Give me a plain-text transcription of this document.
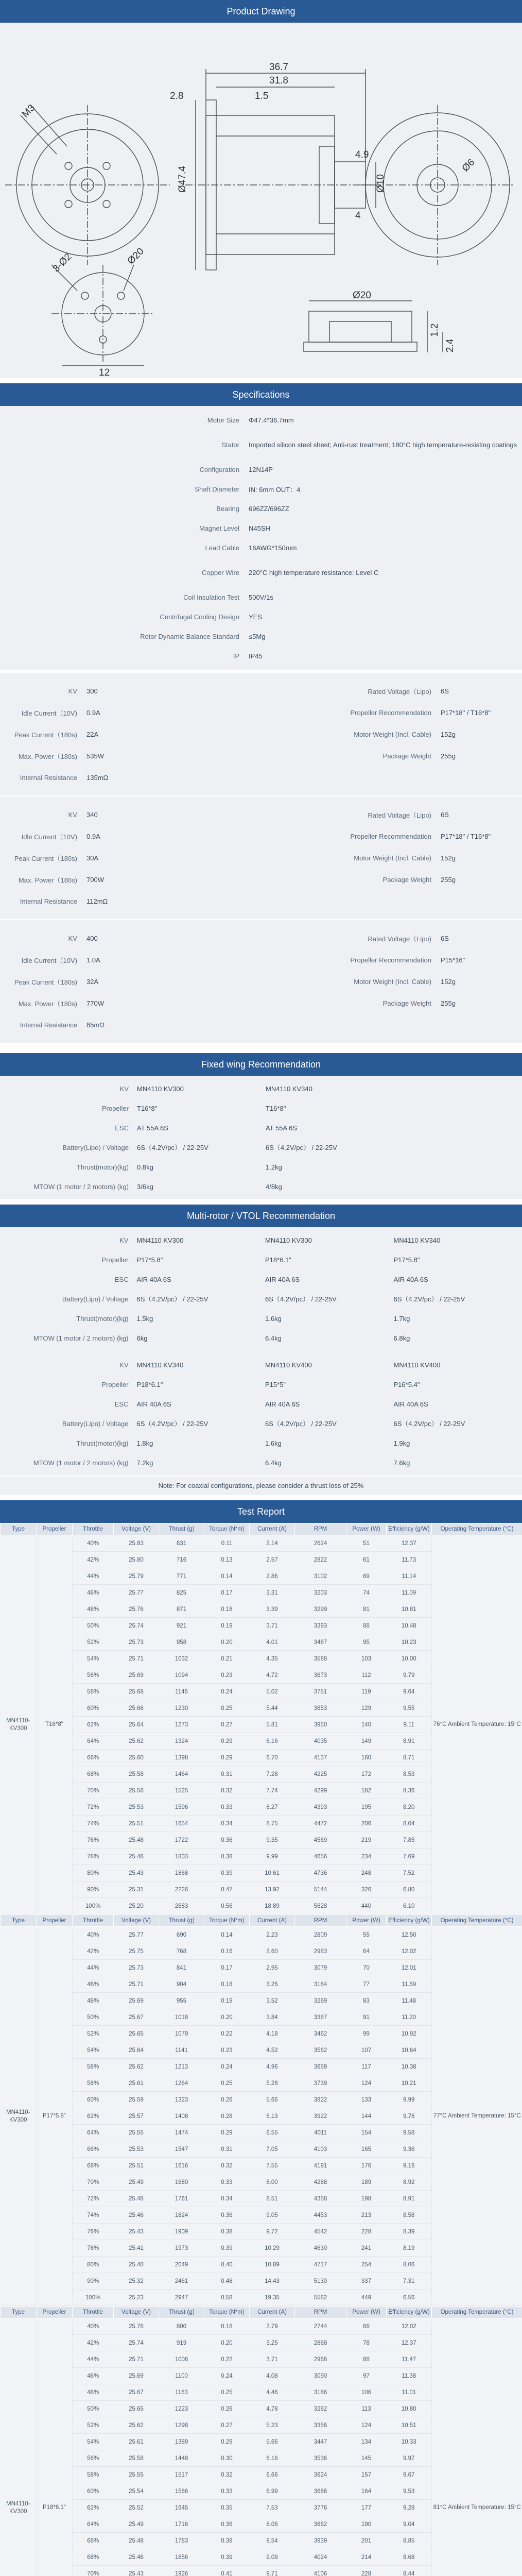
Product Drawing
36.7
31.8
2.8	1.5
Ø47.4
M3
4.9
4
Ø10
Ø6
3-Ø2	Ø20
12
Ø20
1.2
2.4
Specifications
Motor Size	Φ47.4*36.7mm
Stator	Imported silicon steel sheet; Anti-rust treatment; 180°C high temperature-resisting coatings
Configuration	12N14P
Shaft Diameter	IN: 6mm OUT：4
Bearing	696ZZ/696ZZ
Magnet Level	N45SH
Lead Cable	16AWG*150mm
Copper Wire	220°C high temperature resistance: Level C
Coil Insulation Test	500V/1s
Centrifugal Cooling Design	YES
Rotor Dynamic Balance Standard	≤5Mg
IP	IP45
KV	300	Rated Voltage（Lipo)	6S
Idle Current（10V)	0.9A	Propeller Recommendation	P17*18" / T16*8"
Peak Current（180s)	22A	Motor Weight (Incl. Cable)	152g
Max. Power（180s)	535W	Package Weight	255g
Internal Resistance	135mΩ
KV	340	Rated Voltage（Lipo)	6S
Idle Current（10V)	0.9A	Propeller Recommendation	P17*18" / T16*8"
Peak Current（180s)	30A	Motor Weight (Incl. Cable)	152g
Max. Power（180s)	700W	Package Weight	255g
Internal Resistance	112mΩ
KV	400	Rated Voltage（Lipo)	6S
Idle Current（10V)	1.0A	Propeller Recommendation	P15*16"
Peak Current（180s)	32A	Motor Weight (Incl. Cable)	152g
Max. Power（180s)	770W	Package Weight	255g
Internal Resistance	85mΩ
Fixed wing Recommendation
KV	MN4110 KV300	MN4110 KV340
Propeller	T16*8"	T16*8"
ESC	AT 55A 6S	AT 55A 6S
Battery(Lipo) / Voltage	6S（4.2V/pc） / 22-25V	6S（4.2V/pc） / 22-25V
Thrust(motor)(kg)	0.8kg	1.2kg
MTOW (1 motor / 2 motors) (kg)	3/6kg	4/8kg
Multi-rotor / VTOL Recommendation
KV	MN4110 KV300	MN4110 KV300	MN4110 KV340
Propeller	P17*5.8"	P18*6.1"	P17*5.8"
ESC	AIR 40A 6S	AIR 40A 6S	AIR 40A 6S
Battery(Lipo) / Voltage	6S（4.2V/pc） / 22-25V	6S（4.2V/pc） / 22-25V	6S（4.2V/pc） / 22-25V
Thrust(motor)(kg)	1.5kg	1.6kg	1.7kg
MTOW (1 motor / 2 motors) (kg)	6kg	6.4kg	6.8kg
KV	MN4110 KV340	MN4110 KV400	MN4110 KV400
Propeller	P18*6.1"	P15*5"	P16*5.4"
ESC	AIR 40A 6S	AIR 40A 6S	AIR 40A 6S
Battery(Lipo) / Voltage	6S（4.2V/pc） / 22-25V	6S（4.2V/pc） / 22-25V	6S（4.2V/pc） / 22-25V
Thrust(motor)(kg)	1.8kg	1.6kg	1.9kg
MTOW (1 motor / 2 motors) (kg)	7.2kg	6.4kg	7.6kg
Note: For coaxial configurations, please consider a thrust loss of 25%
Test Report
Type	Propeller	Throttle	Voltage (V)	Thrust (g)	Torque (N*m)	Current (A)	RPM	Power (W)	Efficiency (g/W)	Operating Temperature (°C)
MN4110-KV300	T16*8"	40%	25.83	631	0.11	2.14	2624	51	12.37	76°C Ambient Temperature: 15°C
		42%	25.80	716	0.13	2.57	2822	61	11.73	
		44%	25.79	771	0.14	2.86	3102	69	11.14	
		46%	25.77	825	0.17	3.31	3203	74	11.09	
		48%	25.76	871	0.18	3.39	3299	81	10.81	
		50%	25.74	921	0.19	3.71	3393	88	10.48	
		52%	25.73	958	0.20	4.01	3487	95	10.23	
		54%	25.71	1032	0.21	4.35	3588	103	10.00	
		56%	25.69	1094	0.23	4.72	3673	112	9.79	
		58%	25.68	1146	0.24	5.02	3751	119	9.64	
		60%	25.66	1230	0.25	5.44	3853	129	9.55	
		62%	25.64	1273	0.27	5.81	3950	140	9.11	
		64%	25.62	1324	0.29	6.16	4035	149	8.91	
		66%	25.60	1398	0.29	6.70	4137	160	8.71	
		68%	25.58	1464	0.31	7.28	4225	172	8.53	
		70%	25.56	1525	0.32	7.74	4299	182	8.36	
		72%	25.53	1596	0.33	8.27	4393	195	8.20	
		74%	25.51	1654	0.34	8.75	4472	206	8.04	
		76%	25.48	1722	0.36	9.35	4569	219	7.85	
		78%	25.46	1803	0.38	9.99	4656	234	7.69	
		80%	25.43	1868	0.39	10.61	4736	248	7.52	
		90%	25.31	2226	0.47	13.92	5144	326	6.80	
		100%	25.20	2683	0.56	18.89	5628	440	6.10	
Type	Propeller	Throttle	Voltage (V)	Thrust (g)	Torque (N*m)	Current (A)	RPM	Power (W)	Efficiency (g/W)	Operating Temperature (°C)
MN4110-KV300	P17*5.8"	40%	25.77	690	0.14	2.23	2809	55	12.50	77°C Ambient Temperature: 15°C
		42%	25.75	768	0.16	2.60	2983	64	12.02	
		44%	25.73	841	0.17	2.95	3079	70	12.01	
		46%	25.71	904	0.18	3.26	3184	77	11.69	
		48%	25.69	955	0.19	3.52	3269	83	11.48	
		50%	25.67	1018	0.20	3.84	3367	91	11.20	
		52%	25.65	1079	0.22	4.18	3462	99	10.92	
		54%	25.64	1141	0.23	4.52	3562	107	10.64	
		56%	25.62	1213	0.24	4.96	3659	117	10.38	
		58%	25.61	1264	0.25	5.28	3739	124	10.21	
		60%	25.59	1323	0.26	5.66	3822	133	9.99	
		62%	25.57	1408	0.28	6.13	3922	144	9.76	
		64%	25.55	1474	0.29	6.55	4011	154	9.58	
		66%	25.53	1547	0.31	7.05	4103	165	9.36	
		68%	25.51	1616	0.32	7.55	4191	176	9.16	
		70%	25.49	1680	0.33	8.00	4288	189	8.92	
		72%	25.48	1761	0.34	8.51	4358	198	8.91	
		74%	25.46	1824	0.36	9.05	4453	213	8.58	
		76%	25.43	1909	0.38	9.72	4542	228	8.39	
		78%	25.41	1973	0.39	10.29	4630	241	8.19	
		80%	25.40	2049	0.40	10.89	4717	254	8.06	
		90%	25.32	2461	0.48	14.43	5130	337	7.31	
		100%	25.23	2947	0.58	19.35	5582	449	6.56	
Type	Propeller	Throttle	Voltage (V)	Thrust (g)	Torque (N*m)	Current (A)	RPM	Power (W)	Efficiency (g/W)	Operating Temperature (°C)
MN4110-KV300	P18*6.1"	40%	25.76	800	0.18	2.79	2744	66	12.02	81°C Ambient Temperature: 15°C
		42%	25.74	919	0.20	3.25	2868	78	12.37	
		44%	25.71	1006	0.22	3.71	2966	88	11.47	
		46%	25.69	1100	0.24	4.08	3090	97	11.38	
		48%	25.67	1163	0.25	4.46	3186	106	11.01	
		50%	25.65	1223	0.26	4.78	3262	113	10.80	
		52%	25.62	1298	0.27	5.23	3356	124	10.51	
		54%	25.61	1389	0.29	5.66	3447	134	10.33	
		56%	25.58	1448	0.30	6.16	3536	145	9.97	
		58%	25.55	1517	0.32	6.66	3624	157	9.67	
		60%	25.54	1566	0.33	6.99	3686	164	9.53	
		62%	25.52	1645	0.35	7.53	3776	177	9.28	
		64%	25.49	1716	0.36	8.06	3862	190	9.04	
		66%	25.48	1783	0.38	8.54	3939	201	8.85	
		68%	25.46	1856	0.39	9.09	4024	214	8.68	
		70%	25.43	1926	0.41	9.71	4106	228	8.44	
